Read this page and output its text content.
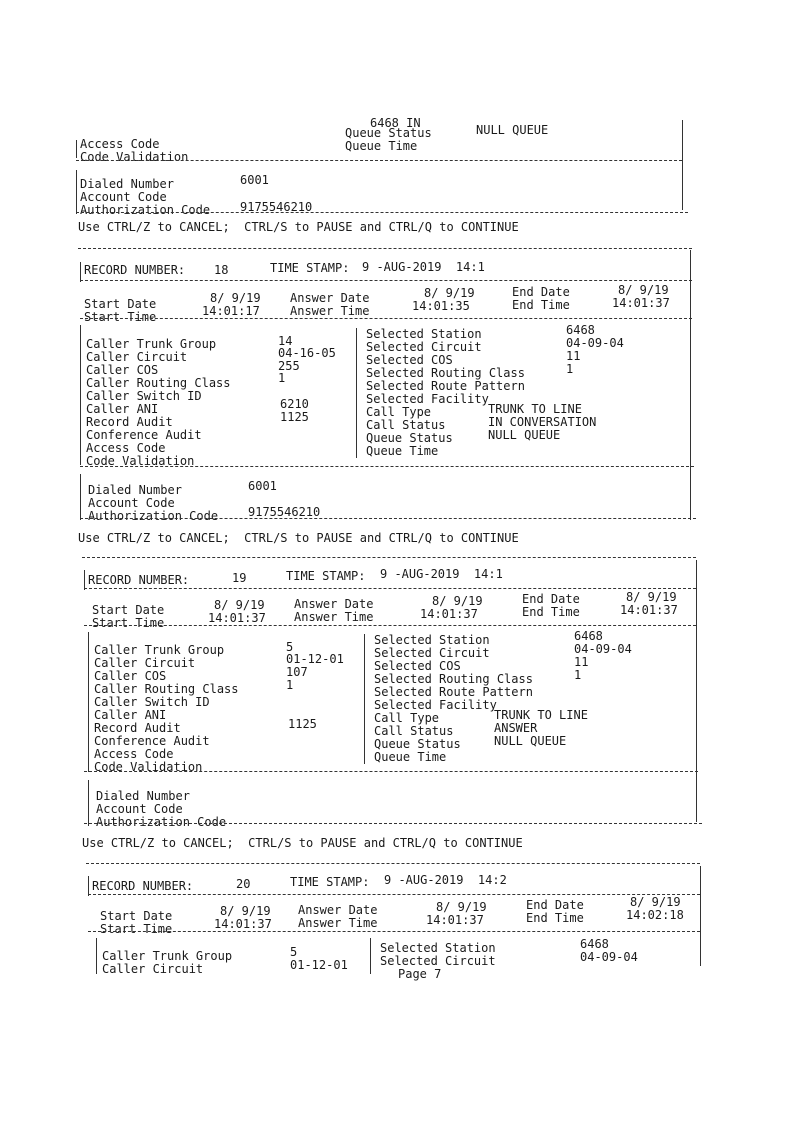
6468 IN
Access Code
Queue Status	NULL QUEUE
Code Validation
Queue Time
Dialed Number	6001
Account Code
Authorization Code 9175546210
Use CTRL/Z to CANCEL;  CTRL/S to PAUSE and CTRL/Q to CONTINUE
RECORD NUMBER: 18	TIME STAMP: 9 -AUG-2019  14:1
Start Date	8/ 9/19
Start Time	14:01:17
Answer Date	8/ 9/19
Answer Time	14:01:35
End Date	8/ 9/19
End Time	14:01:37
Caller Trunk Group	14
Caller Circuit	04-16-05
Caller COS	255
Caller Routing Class	1
Caller Switch ID
Caller ANI	6210
Record Audit	1125
Conference Audit
Access Code
Code Validation
Selected Station	6468
Selected Circuit	04-09-04
Selected COS	11
Selected Routing Class	1
Selected Route Pattern
Selected Facility
Call Type	TRUNK TO LINE
Call Status	IN CONVERSATION
Queue Status	NULL QUEUE
Queue Time
Dialed Number	6001
Account Code
Authorization Code 9175546210
Use CTRL/Z to CANCEL;  CTRL/S to PAUSE and CTRL/Q to CONTINUE
RECORD NUMBER:	19	TIME STAMP: 9 -AUG-2019  14:1
Start Date	8/ 9/19
Start Time	14:01:37
Answer Date	8/ 9/19
Answer Time	14:01:37
End Date	8/ 9/19
End Time	14:01:37
Caller Trunk Group	5
Caller Circuit	01-12-01
Caller COS	107
Caller Routing Class	1
Caller Switch ID
Caller ANI
Record Audit	1125
Conference Audit
Access Code
Code Validation
Selected Station	6468
Selected Circuit	04-09-04
Selected COS	11
Selected Routing Class	1
Selected Route Pattern
Selected Facility
Call Type	TRUNK TO LINE
Call Status	ANSWER
Queue Status	NULL QUEUE
Queue Time
Dialed Number
Account Code
Authorization Code
Use CTRL/Z to CANCEL;  CTRL/S to PAUSE and CTRL/Q to CONTINUE
RECORD NUMBER:	20	TIME STAMP: 9 -AUG-2019  14:2
Start Date	8/ 9/19
Start Time	14:01:37
Answer Date	8/ 9/19
Answer Time	14:01:37
End Date	8/ 9/19
End Time	14:02:18
Caller Trunk Group	5
Caller Circuit	01-12-01
Selected Station	6468
Selected Circuit	04-09-04
Page 7
